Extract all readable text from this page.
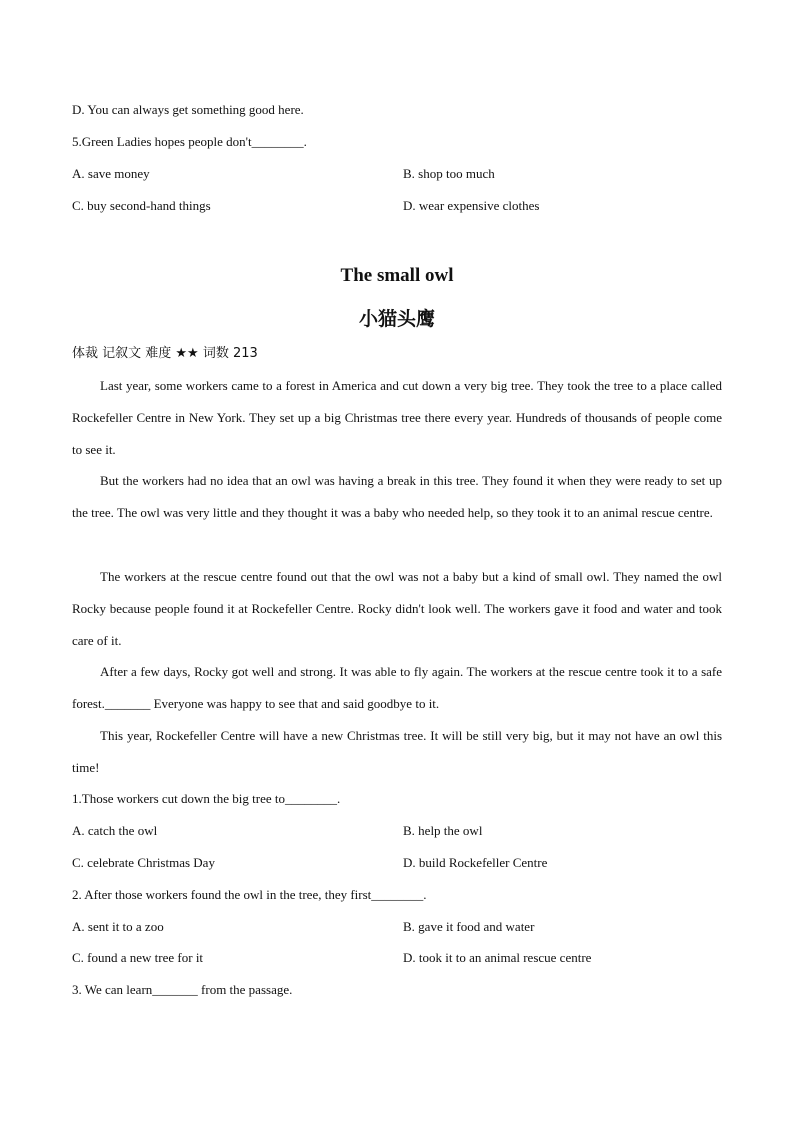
D. You can always get something good here.
5.Green Ladies hopes people don't________.
A. save money	B. shop too much
C. buy second-hand things	D. wear expensive clothes
The small owl
小猫头鹰
体裁 记叙文 难度 ★★ 词数 213
Last year, some workers came to a forest in America and cut down a very big tree. They took the tree to a place called Rockefeller Centre in New York. They set up a big Christmas tree there every year. Hundreds of thousands of people come to see it.
But the workers had no idea that an owl was having a break in this tree. They found it when they were ready to set up the tree. The owl was very little and they thought it was a baby who needed help, so they took it to an animal rescue centre.
The workers at the rescue centre found out that the owl was not a baby but a kind of small owl. They named the owl Rocky because people found it at Rockefeller Centre. Rocky didn't look well. The workers gave it food and water and took care of it.
After a few days, Rocky got well and strong. It was able to fly again. The workers at the rescue centre took it to a safe forest._______ Everyone was happy to see that and said goodbye to it.
This year, Rockefeller Centre will have a new Christmas tree. It will be still very big, but it may not have an owl this time!
1.Those workers cut down the big tree to________.
A. catch the owl	B. help the owl
C. celebrate Christmas Day	D. build Rockefeller Centre
2. After those workers found the owl in the tree, they first________.
A. sent it to a zoo	B. gave it food and water
C. found a new tree for it	D. took it to an animal rescue centre
3. We can learn_______ from the passage.
